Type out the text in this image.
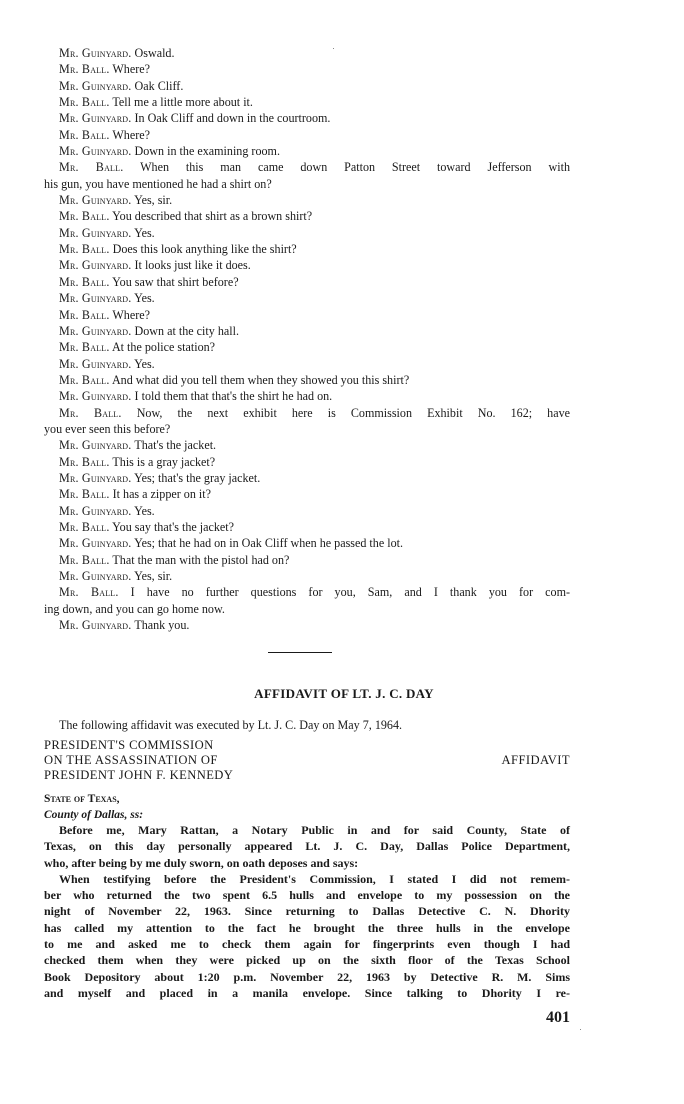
Mr. Guinyard. Oswald.
Mr. Ball. Where?
Mr. Guinyard. Oak Cliff.
Mr. Ball. Tell me a little more about it.
Mr. Guinyard. In Oak Cliff and down in the courtroom.
Mr. Ball. Where?
Mr. Guinyard. Down in the examining room.
Mr. Ball. When this man came down Patton Street toward Jefferson with
his gun, you have mentioned he had a shirt on?
Mr. Guinyard. Yes, sir.
Mr. Ball. You described that shirt as a brown shirt?
Mr. Guinyard. Yes.
Mr. Ball. Does this look anything like the shirt?
Mr. Guinyard. It looks just like it does.
Mr. Ball. You saw that shirt before?
Mr. Guinyard. Yes.
Mr. Ball. Where?
Mr. Guinyard. Down at the city hall.
Mr. Ball. At the police station?
Mr. Guinyard. Yes.
Mr. Ball. And what did you tell them when they showed you this shirt?
Mr. Guinyard. I told them that that's the shirt he had on.
Mr. Ball. Now, the next exhibit here is Commission Exhibit No. 162; have
you ever seen this before?
Mr. Guinyard. That's the jacket.
Mr. Ball. This is a gray jacket?
Mr. Guinyard. Yes; that's the gray jacket.
Mr. Ball. It has a zipper on it?
Mr. Guinyard. Yes.
Mr. Ball. You say that's the jacket?
Mr. Guinyard. Yes; that he had on in Oak Cliff when he passed the lot.
Mr. Ball. That the man with the pistol had on?
Mr. Guinyard. Yes, sir.
Mr. Ball. I have no further questions for you, Sam, and I thank you for com-
ing down, and you can go home now.
Mr. Guinyard. Thank you.
AFFIDAVIT OF LT. J. C. DAY
The following affidavit was executed by Lt. J. C. Day on May 7, 1964.
PRESIDENT'S COMMISSION
ON THE ASSASSINATION OF
PRESIDENT JOHN F. KENNEDY
AFFIDAVIT
State of Texas,
County of Dallas, ss:
Before me, Mary Rattan, a Notary Public in and for said County, State of
Texas, on this day personally appeared Lt. J. C. Day, Dallas Police Department,
who, after being by me duly sworn, on oath deposes and says:
When testifying before the President's Commission, I stated I did not remem-
ber who returned the two spent 6.5 hulls and envelope to my possession on the
night of November 22, 1963. Since returning to Dallas Detective C. N. Dhority
has called my attention to the fact he brought the three hulls in the envelope
to me and asked me to check them again for fingerprints even though I had
checked them when they were picked up on the sixth floor of the Texas School
Book Depository about 1:20 p.m. November 22, 1963 by Detective R. M. Sims
and myself and placed in a manila envelope. Since talking to Dhority I re-
401
